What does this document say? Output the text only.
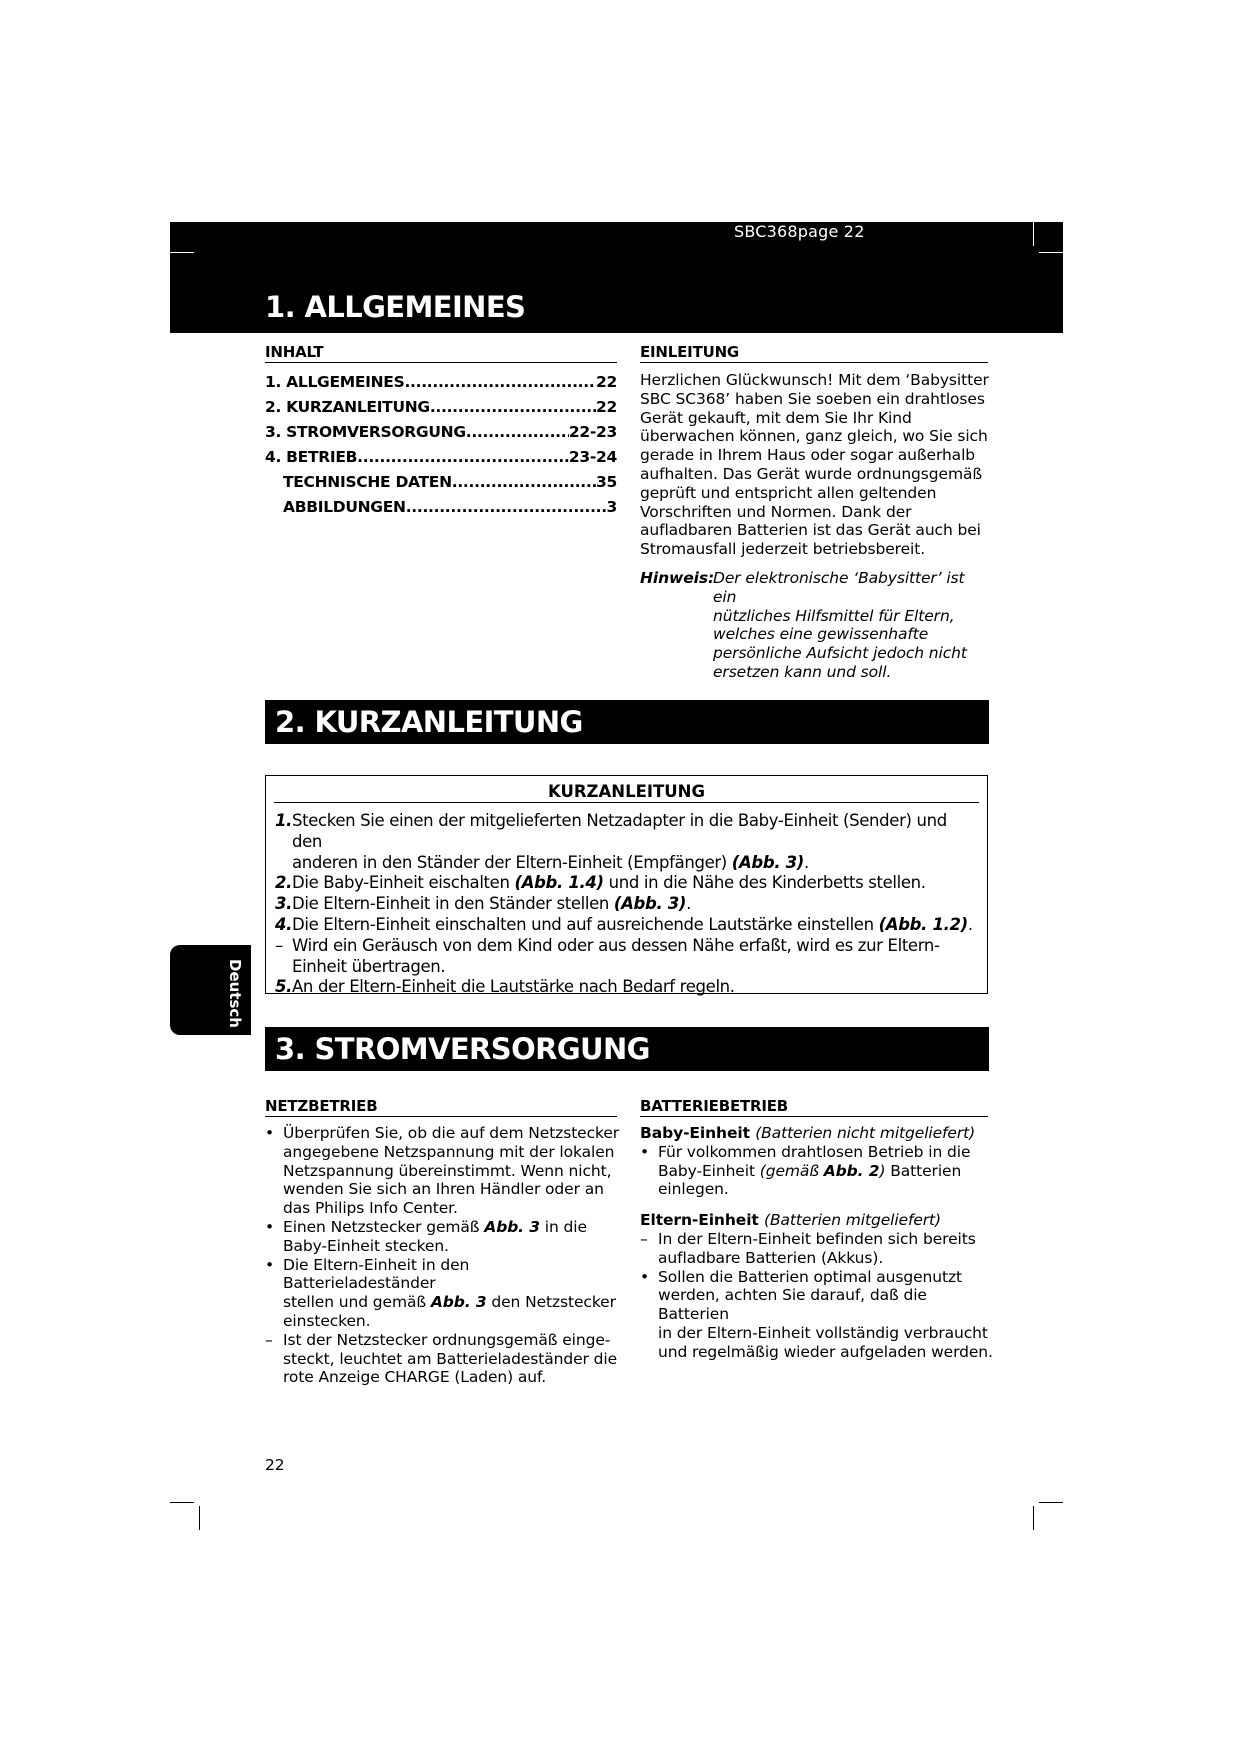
SBC368page 22
1. ALLGEMEINES
INHALT
1. ALLGEMEINES .....	22
2. KURZANLEITUNG .....	22
3. STROMVERSORGUNG .....	22-23
4. BETRIEB .....	23-24
TECHNISCHE DATEN .....	35
ABBILDUNGEN .....	3
EINLEITUNG
Herzlichen Glückwunsch! Mit dem ‘Babysitter
SBC SC368’ haben Sie soeben ein drahtloses
Gerät gekauft, mit dem Sie Ihr Kind
überwachen können, ganz gleich, wo Sie sich
gerade in Ihrem Haus oder sogar außerhalb
aufhalten. Das Gerät wurde ordnungsgemäß
geprüft und entspricht allen geltenden
Vorschriften und Normen. Dank der
aufladbaren Batterien ist das Gerät auch bei
Stromausfall jederzeit betriebsbereit.
Hinweis:
Der elektronische ‘Babysitter’ ist ein
nützliches Hilfsmittel für Eltern,
welches eine gewissenhafte
persönliche Aufsicht jedoch nicht
ersetzen kann und soll.
2. KURZANLEITUNG
KURZANLEITUNG
1. Stecken Sie einen der mitgelieferten Netzadapter in die Baby-Einheit (Sender) und den
anderen in den Ständer der Eltern-Einheit (Empfänger) (Abb. 3).
2. Die Baby-Einheit eischalten (Abb. 1.4) und in die Nähe des Kinderbetts stellen.
3. Die Eltern-Einheit in den Ständer stellen (Abb. 3).
4. Die Eltern-Einheit einschalten und auf ausreichende Lautstärke einstellen (Abb. 1.2).
– Wird ein Geräusch von dem Kind oder aus dessen Nähe erfaßt, wird es zur Eltern-
Einheit übertragen.
5. An der Eltern-Einheit die Lautstärke nach Bedarf regeln.
Deutsch
3. STROMVERSORGUNG
NETZBETRIEB
• Überprüfen Sie, ob die auf dem Netzstecker
angegebene Netzspannung mit der lokalen
Netzspannung übereinstimmt. Wenn nicht,
wenden Sie sich an Ihren Händler oder an
das Philips Info Center.
• Einen Netzstecker gemäß Abb. 3 in die
Baby-Einheit stecken.
• Die Eltern-Einheit in den Batterieladeständer
stellen und gemäß Abb. 3 den Netzstecker
einstecken.
– Ist der Netzstecker ordnungsgemäß einge-
steckt, leuchtet am Batterieladeständer die
rote Anzeige CHARGE (Laden) auf.
BATTERIEBETRIEB
Baby-Einheit (Batterien nicht mitgeliefert)
• Für volkommen drahtlosen Betrieb in die
Baby-Einheit (gemäß Abb. 2) Batterien
einlegen.
Eltern-Einheit (Batterien mitgeliefert)
– In der Eltern-Einheit befinden sich bereits
aufladbare Batterien (Akkus).
• Sollen die Batterien optimal ausgenutzt
werden, achten Sie darauf, daß die Batterien
in der Eltern-Einheit vollständig verbraucht
und regelmäßig wieder aufgeladen werden.
22
